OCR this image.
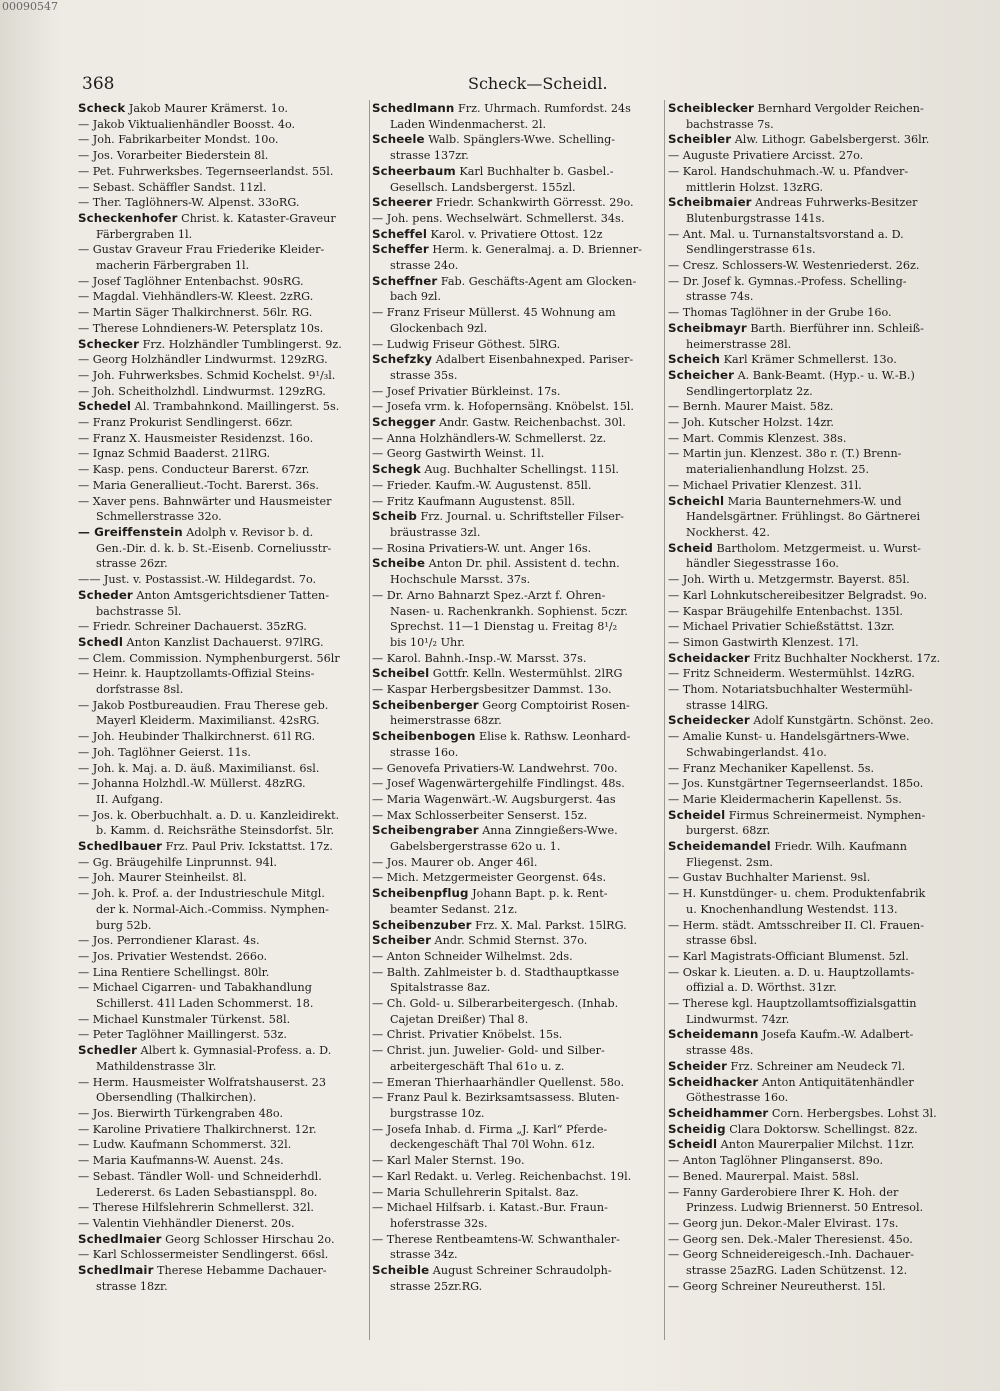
00090547
368	Scheck—Scheidl.
Scheck Jakob Maurer Krämerst. 1o.
— Jakob Viktualienhändler Boosst. 4o.
— Joh. Fabrikarbeiter Mondst. 10o.
— Jos. Vorarbeiter Biederstein 8l.
— Pet. Fuhrwerksbes. Tegernseerlandst. 55l.
— Sebast. Schäffler Sandst. 11zl.
— Ther. Taglöhners-W. Alpenst. 33oRG.
Scheckenhofer Christ. k. Kataster-Graveur
Färbergraben 1l.
— Gustav Graveur Frau Friederike Kleider-
macherin Färbergraben 1l.
— Josef Taglöhner Entenbachst. 90sRG.
— Magdal. Viehhändlers-W. Kleest. 2zRG.
— Martin Säger Thalkirchnerst. 56lr. RG.
— Therese Lohndieners-W. Petersplatz 10s.
Schecker Frz. Holzhändler Tumblingerst. 9z.
— Georg Holzhändler Lindwurmst. 129zRG.
— Joh. Fuhrwerksbes. Schmid Kochelst. 9¹/₃l.
— Joh. Scheitholzhdl. Lindwurmst. 129zRG.
Schedel Al. Trambahnkond. Maillingerst. 5s.
— Franz Prokurist Sendlingerst. 66zr.
— Franz X. Hausmeister Residenzst. 16o.
— Ignaz Schmid Baaderst. 21lRG.
— Kasp. pens. Conducteur Barerst. 67zr.
— Maria Generallieut.-Tocht. Barerst. 36s.
— Xaver pens. Bahnwärter und Hausmeister
Schmellerstrasse 32o.
— Greiffenstein Adolph v. Revisor b. d.
Gen.-Dir. d. k. b. St.-Eisenb. Corneliusstr-
strasse 26zr.
—— Just. v. Postassist.-W. Hildegardst. 7o.
Scheder Anton Amtsgerichtsdiener Tatten-
bachstrasse 5l.
— Friedr. Schreiner Dachauerst. 35zRG.
Schedl Anton Kanzlist Dachauerst. 97lRG.
— Clem. Commission. Nymphenburgerst. 56lr
— Heinr. k. Hauptzollamts-Offizial Steins-
dorfstrasse 8sl.
— Jakob Postbureaudien. Frau Therese geb.
Mayerl Kleiderm. Maximilianst. 42sRG.
— Joh. Heubinder Thalkirchnerst. 61l RG.
— Joh. Taglöhner Geierst. 11s.
— Joh. k. Maj. a. D. äuß. Maximilianst. 6sl.
— Johanna Holzhdl.-W. Müllerst. 48zRG.
II. Aufgang.
— Jos. k. Oberbuchhalt. a. D. u. Kanzleidirekt.
b. Kamm. d. Reichsräthe Steinsdorfst. 5lr.
Schedlbauer Frz. Paul Priv. Ickstattst. 17z.
— Gg. Bräugehilfe Linprunnst. 94l.
— Joh. Maurer Steinheilst. 8l.
— Joh. k. Prof. a. der Industrieschule Mitgl.
der k. Normal-Aich.-Commiss. Nymphen-
burg 52b.
— Jos. Perrondiener Klarast. 4s.
— Jos. Privatier Westendst. 266o.
— Lina Rentiere Schellingst. 80lr.
— Michael Cigarren- und Tabakhandlung
Schillerst. 41l Laden Schommerst. 18.
— Michael Kunstmaler Türkenst. 58l.
— Peter Taglöhner Maillingerst. 53z.
Schedler Albert k. Gymnasial-Profess. a. D.
Mathildenstrasse 3lr.
— Herm. Hausmeister Wolfratshauserst. 23
Obersendling (Thalkirchen).
— Jos. Bierwirth Türkengraben 48o.
— Karoline Privatiere Thalkirchnerst. 12r.
— Ludw. Kaufmann Schommerst. 32l.
— Maria Kaufmanns-W. Auenst. 24s.
— Sebast. Tändler Woll- und Schneiderhdl.
Ledererst. 6s Laden Sebastiansppl. 8o.
— Therese Hilfslehrerin Schmellerst. 32l.
— Valentin Viehhändler Dienerst. 20s.
Schedlmaier Georg Schlosser Hirschau 2o.
— Karl Schlossermeister Sendlingerst. 66sl.
Schedlmair Therese Hebamme Dachauer-
strasse 18zr.
Schedlmann Frz. Uhrmach. Rumfordst. 24s
Laden Windenmacherst. 2l.
Scheele Walb. Spänglers-Wwe. Schelling-
strasse 137zr.
Scheerbaum Karl Buchhalter b. Gasbel.-
Gesellsch. Landsbergerst. 155zl.
Scheerer Friedr. Schankwirth Görresst. 29o.
— Joh. pens. Wechselwärt. Schmellerst. 34s.
Scheffel Karol. v. Privatiere Ottost. 12z
Scheffer Herm. k. Generalmaj. a. D. Brienner-
strasse 24o.
Scheffner Fab. Geschäfts-Agent am Glocken-
bach 9zl.
— Franz Friseur Müllerst. 45 Wohnung am
Glockenbach 9zl.
— Ludwig Friseur Göthest. 5lRG.
Schefzky Adalbert Eisenbahnexped. Pariser-
strasse 35s.
— Josef Privatier Bürkleinst. 17s.
— Josefa vrm. k. Hofopernsäng. Knöbelst. 15l.
Schegger Andr. Gastw. Reichenbachst. 30l.
— Anna Holzhändlers-W. Schmellerst. 2z.
— Georg Gastwirth Weinst. 1l.
Schegk Aug. Buchhalter Schellingst. 115l.
— Frieder. Kaufm.-W. Augustenst. 85ll.
— Fritz Kaufmann Augustenst. 85ll.
Scheib Frz. Journal. u. Schriftsteller Filser-
bräustrasse 3zl.
— Rosina Privatiers-W. unt. Anger 16s.
Scheibe Anton Dr. phil. Assistent d. techn.
Hochschule Marsst. 37s.
— Dr. Arno Bahnarzt Spez.-Arzt f. Ohren-
Nasen- u. Rachenkrankh. Sophienst. 5czr.
Sprechst. 11—1 Dienstag u. Freitag 8¹/₂
bis 10¹/₂ Uhr.
— Karol. Bahnh.-Insp.-W. Marsst. 37s.
Scheibel Gottfr. Kelln. Westermühlst. 2lRG
— Kaspar Herbergsbesitzer Dammst. 13o.
Scheibenberger Georg Comptoirist Rosen-
heimerstrasse 68zr.
Scheibenbogen Elise k. Rathsw. Leonhard-
strasse 16o.
— Genovefa Privatiers-W. Landwehrst. 70o.
— Josef Wagenwärtergehilfe Findlingst. 48s.
— Maria Wagenwärt.-W. Augsburgerst. 4as
— Max Schlosserbeiter Senserst. 15z.
Scheibengraber Anna Zinngießers-Wwe.
Gabelsbergerstrasse 62o u. 1.
— Jos. Maurer ob. Anger 46l.
— Mich. Metzgermeister Georgenst. 64s.
Scheibenpflug Johann Bapt. p. k. Rent-
beamter Sedanst. 21z.
Scheibenzuber Frz. X. Mal. Parkst. 15lRG.
Scheiber Andr. Schmid Sternst. 37o.
— Anton Schneider Wilhelmst. 2ds.
— Balth. Zahlmeister b. d. Stadthauptkasse
Spitalstrasse 8az.
— Ch. Gold- u. Silberarbeitergesch. (Inhab.
Cajetan Dreißer) Thal 8.
— Christ. Privatier Knöbelst. 15s.
— Christ. jun. Juwelier- Gold- und Silber-
arbeitergeschäft Thal 61o u. z.
— Emeran Thierhaarhändler Quellenst. 58o.
— Franz Paul k. Bezirksamtsassess. Bluten-
burgstrasse 10z.
— Josefa Inhab. d. Firma „J. Karl“ Pferde-
deckengeschäft Thal 70l Wohn. 61z.
— Karl Maler Sternst. 19o.
— Karl Redakt. u. Verleg. Reichenbachst. 19l.
— Maria Schullehrerin Spitalst. 8az.
— Michael Hilfsarb. i. Katast.-Bur. Fraun-
hoferstrasse 32s.
— Therese Rentbeamtens-W. Schwanthaler-
strasse 34z.
Scheible August Schreiner Schraudolph-
strasse 25zr.RG.
Scheiblecker Bernhard Vergolder Reichen-
bachstrasse 7s.
Scheibler Alw. Lithogr. Gabelsbergerst. 36lr.
— Auguste Privatiere Arcisst. 27o.
— Karol. Handschuhmach.-W. u. Pfandver-
mittlerin Holzst. 13zRG.
Scheibmaier Andreas Fuhrwerks-Besitzer
Blutenburgstrasse 141s.
— Ant. Mal. u. Turnanstaltsvorstand a. D.
Sendlingerstrasse 61s.
— Cresz. Schlossers-W. Westenriederst. 26z.
— Dr. Josef k. Gymnas.-Profess. Schelling-
strasse 74s.
— Thomas Taglöhner in der Grube 16o.
Scheibmayr Barth. Bierführer inn. Schleiß-
heimerstrasse 28l.
Scheich Karl Krämer Schmellerst. 13o.
Scheicher A. Bank-Beamt. (Hyp.- u. W.-B.)
Sendlingertorplatz 2z.
— Bernh. Maurer Maist. 58z.
— Joh. Kutscher Holzst. 14zr.
— Mart. Commis Klenzest. 38s.
— Martin jun. Klenzest. 38o r. (T.) Brenn-
materialienhandlung Holzst. 25.
— Michael Privatier Klenzest. 31l.
Scheichl Maria Baunternehmers-W. und
Handelsgärtner. Frühlingst. 8o Gärtnerei
Nockherst. 42.
Scheid Bartholom. Metzgermeist. u. Wurst-
händler Siegesstrasse 16o.
— Joh. Wirth u. Metzgermstr. Bayerst. 85l.
— Karl Lohnkutschereibesitzer Belgradst. 9o.
— Kaspar Bräugehilfe Entenbachst. 135l.
— Michael Privatier Schießstättst. 13zr.
— Simon Gastwirth Klenzest. 17l.
Scheidacker Fritz Buchhalter Nockherst. 17z.
— Fritz Schneiderm. Westermühlst. 14zRG.
— Thom. Notariatsbuchhalter Westermühl-
strasse 14lRG.
Scheidecker Adolf Kunstgärtn. Schönst. 2eo.
— Amalie Kunst- u. Handelsgärtners-Wwe.
Schwabingerlandst. 41o.
— Franz Mechaniker Kapellenst. 5s.
— Jos. Kunstgärtner Tegernseerlandst. 185o.
— Marie Kleidermacherin Kapellenst. 5s.
Scheidel Firmus Schreinermeist. Nymphen-
burgerst. 68zr.
Scheidemandel Friedr. Wilh. Kaufmann
Fliegenst. 2sm.
— Gustav Buchhalter Marienst. 9sl.
— H. Kunstdünger- u. chem. Produktenfabrik
u. Knochenhandlung Westendst. 113.
— Herm. städt. Amtsschreiber II. Cl. Frauen-
strasse 6bsl.
— Karl Magistrats-Officiant Blumenst. 5zl.
— Oskar k. Lieuten. a. D. u. Hauptzollamts-
offizial a. D. Wörthst. 31zr.
— Therese kgl. Hauptzollamtsoffizialsgattin
Lindwurmst. 74zr.
Scheidemann Josefa Kaufm.-W. Adalbert-
strasse 48s.
Scheider Frz. Schreiner am Neudeck 7l.
Scheidhacker Anton Antiquitätenhändler
Göthestrasse 16o.
Scheidhammer Corn. Herbergsbes. Lohst 3l.
Scheidig Clara Doktorsw. Schellingst. 82z.
Scheidl Anton Maurerpalier Milchst. 11zr.
— Anton Taglöhner Plinganserst. 89o.
— Bened. Maurerpal. Maist. 58sl.
— Fanny Garderobiere Ihrer K. Hoh. der
Prinzess. Ludwig Briennerst. 50 Entresol.
— Georg jun. Dekor.-Maler Elvirast. 17s.
— Georg sen. Dek.-Maler Theresienst. 45o.
— Georg Schneidereigesch.-Inh. Dachauer-
strasse 25azRG. Laden Schützenst. 12.
— Georg Schreiner Neureutherst. 15l.
